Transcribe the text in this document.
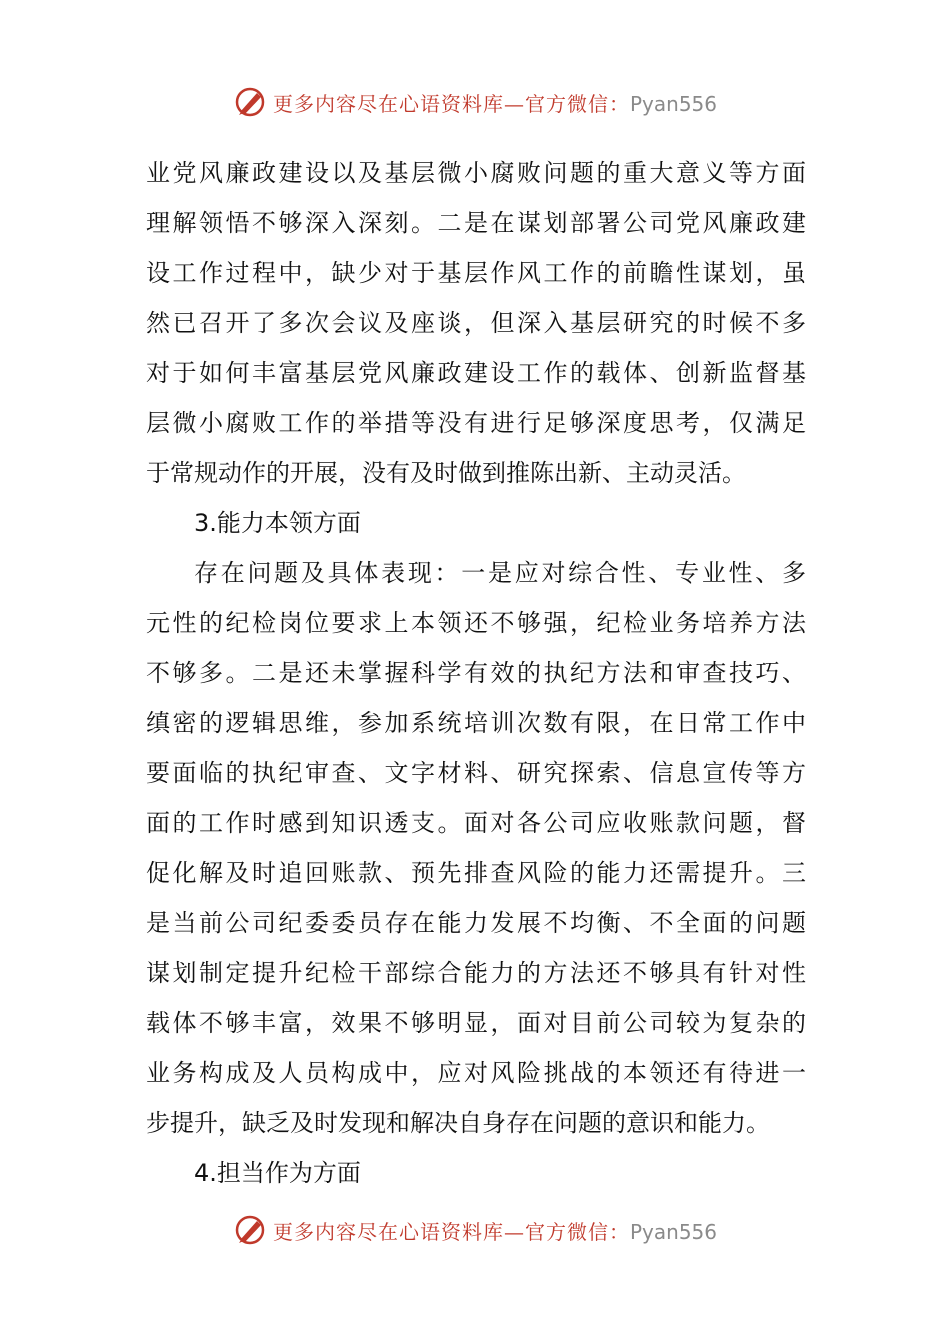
更多内容尽在心语资料库—官方微信：Pyan556
业党风廉政建设以及基层微小腐败问题的重大意义等方面
理解领悟不够深入深刻。二是在谋划部署公司党风廉政建
设工作过程中，缺少对于基层作风工作的前瞻性谋划，虽
然已召开了多次会议及座谈，但深入基层研究的时候不多
对于如何丰富基层党风廉政建设工作的载体、创新监督基
层微小腐败工作的举措等没有进行足够深度思考，仅满足
于常规动作的开展，没有及时做到推陈出新、主动灵活。
3.能力本领方面
存在问题及具体表现：一是应对综合性、专业性、多
元性的纪检岗位要求上本领还不够强，纪检业务培养方法
不够多。二是还未掌握科学有效的执纪方法和审查技巧、
缜密的逻辑思维，参加系统培训次数有限，在日常工作中
要面临的执纪审查、文字材料、研究探索、信息宣传等方
面的工作时感到知识透支。面对各公司应收账款问题，督
促化解及时追回账款、预先排查风险的能力还需提升。三
是当前公司纪委委员存在能力发展不均衡、不全面的问题
谋划制定提升纪检干部综合能力的方法还不够具有针对性
载体不够丰富，效果不够明显，面对目前公司较为复杂的
业务构成及人员构成中，应对风险挑战的本领还有待进一
步提升，缺乏及时发现和解决自身存在问题的意识和能力。
4.担当作为方面
更多内容尽在心语资料库—官方微信：Pyan556
